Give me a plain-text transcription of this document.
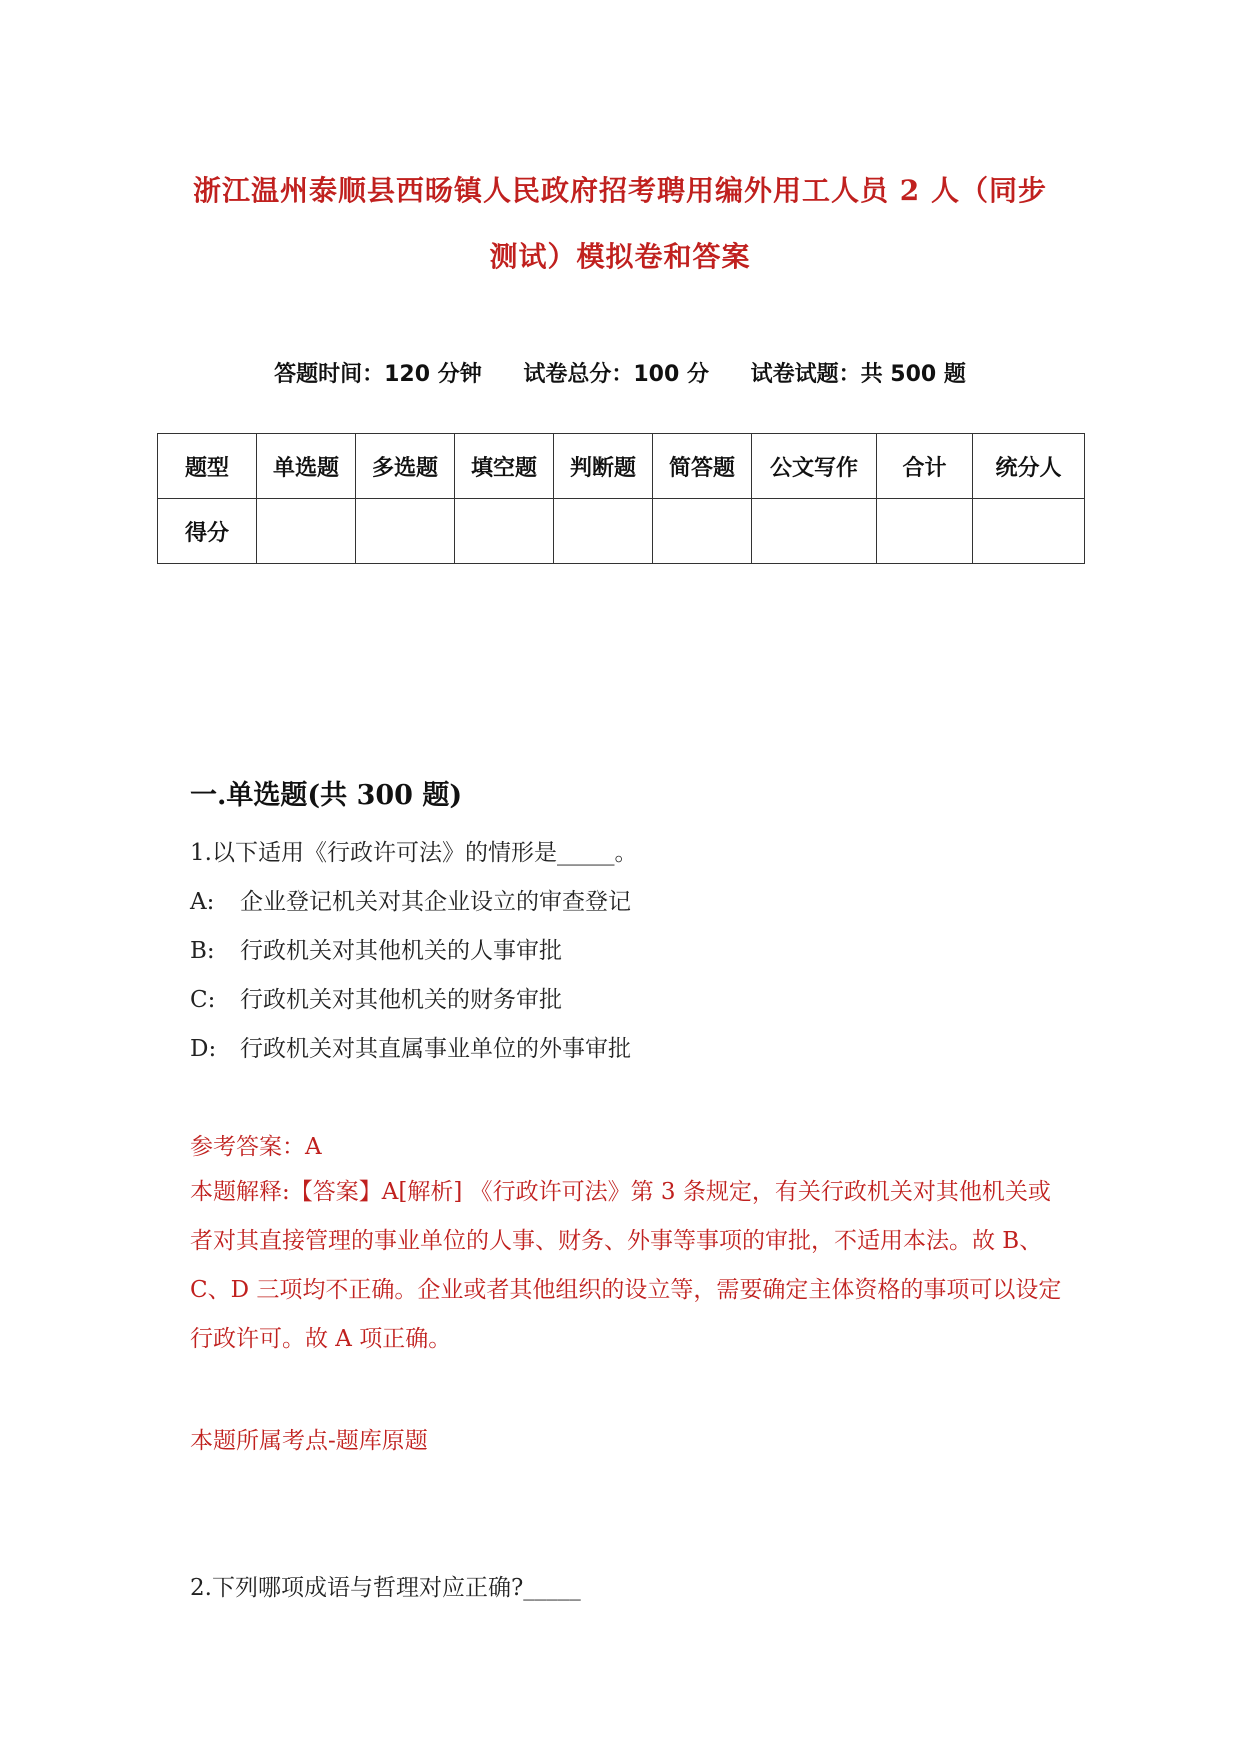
浙江温州泰顺县西旸镇人民政府招考聘用编外用工人员 2 人（同步
测试）模拟卷和答案
答题时间：120 分钟 试卷总分：100 分 试卷试题：共 500 题
题型	单选题	多选题	填空题	判断题	简答题	公文写作	合计	统分人
得分								
一.单选题(共 300 题)
1.以下适用《行政许可法》的情形是_____。
A: 企业登记机关对其企业设立的审查登记
B: 行政机关对其他机关的人事审批
C: 行政机关对其他机关的财务审批
D: 行政机关对其直属事业单位的外事审批
参考答案：A
本题解释:【答案】A[解析] 《行政许可法》第 3 条规定，有关行政机关对其他机关或者对其直接管理的事业单位的人事、财务、外事等事项的审批，不适用本法。故 B、C、D 三项均不正确。企业或者其他组织的设立等，需要确定主体资格的事项可以设定行政许可。故 A 项正确。
本题所属考点-题库原题
2.下列哪项成语与哲理对应正确?_____
